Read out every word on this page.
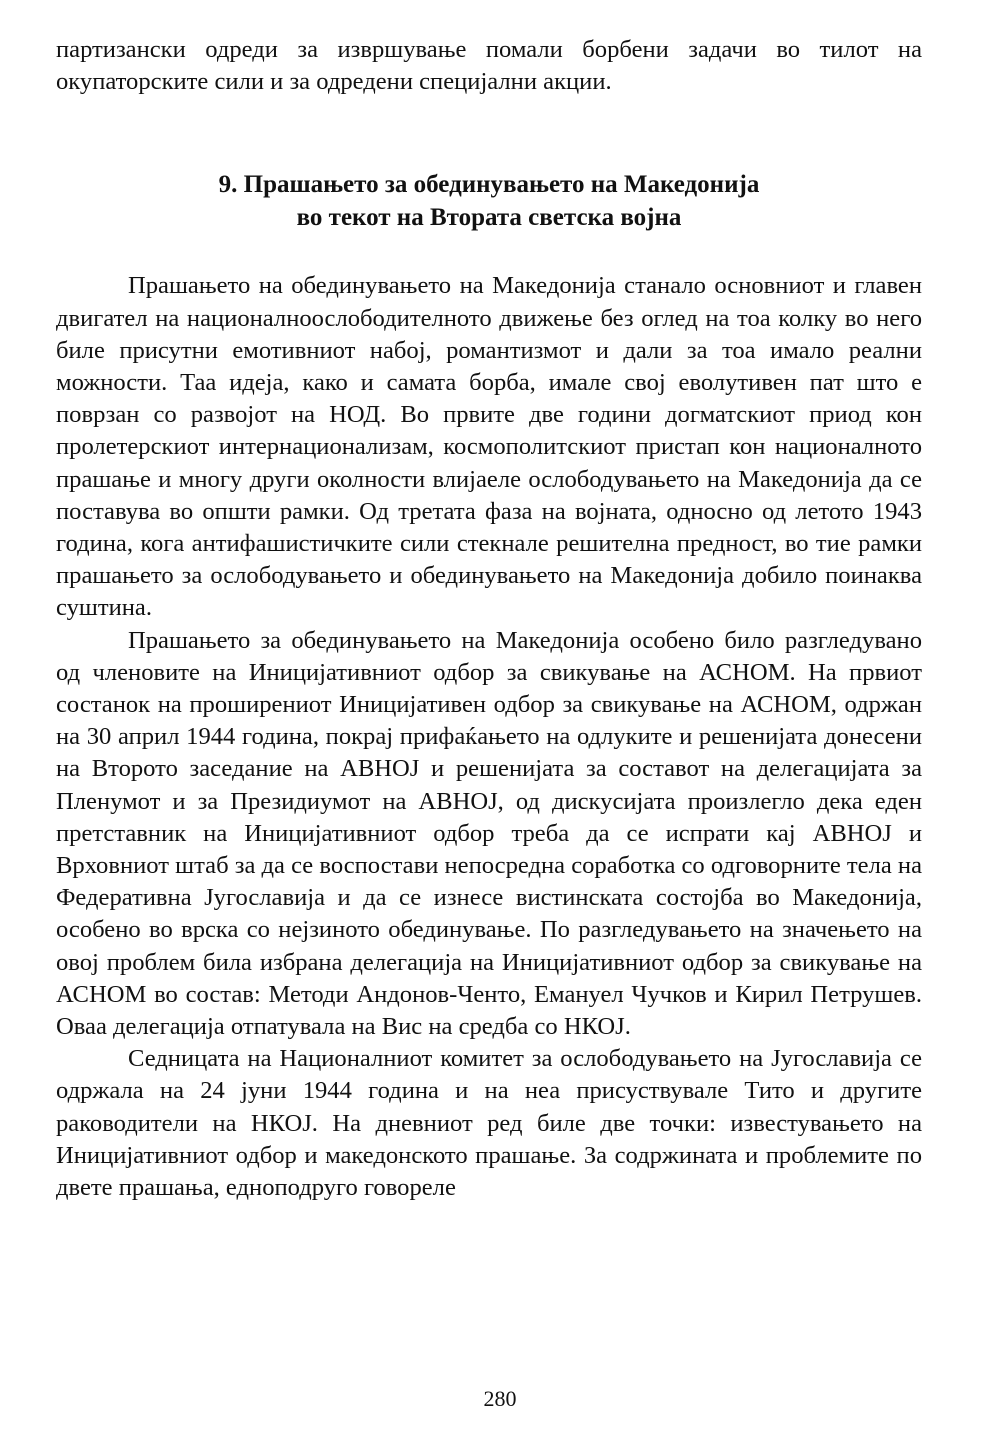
партизански одреди за извршување помали борбени задачи во тилот на окупаторските сили и за одредени специјални акции.

9. Прашањето за обединувањето на Македонија
во текот на Втората светска војна

Прашањето на обединувањето на Македонија станало основниот и главен двигател на националноослободителното движење без оглед на тоа колку во него биле присутни емотивниот набој, романтизмот и дали за тоа имало реални можности. Таа идеја, како и самата борба, имале свој еволутивен пат што е поврзан со развојот на НОД. Во првите две години догматскиот приод кон пролетерскиот интернационализам, космополитскиот пристап кон националното прашање и многу други околности влијаеле ослободувањето на Македонија да се поставува во општи рамки. Од третата фаза на војната, односно од летото 1943 година, кога антифашистичките сили стекнале решителна предност, во тие рамки прашањето за ослободувањето и обединувањето на Македонија добило поинаква суштина.

Прашањето за обединувањето на Македонија особено било разгледувано од членовите на Иницијативниот одбор за свикување на АСНОМ. На првиот состанок на проширениот Иницијативен одбор за свикување на АСНОМ, одржан на 30 април 1944 година, покрај прифаќањето на одлуките и решенијата донесени на Второто заседание на АВНОЈ и решенијата за составот на делегацијата за Пленумот и за Президиумот на АВНОЈ, од дискусијата произлегло дека еден претставник на Иницијативниот одбор треба да се испрати кај АВНОЈ и Врховниот штаб за да се воспостави непосредна соработка со одговорните тела на Федеративна Југославија и да се изнесе вистинската состојба во Македонија, особено во врска со нејзиното обединување. По разгледувањето на значењето на овој проблем била избрана делегација на Иницијативниот одбор за свикување на АСНОМ во состав: Методи Андонов-Ченто, Емануел Чучков и Кирил Петрушев. Оваа делегација отпатувала на Вис на средба со НКОЈ.

Седницата на Националниот комитет за ослободувањето на Југославија се одржала на 24 јуни 1944 година и на неа присуствувале Тито и другите раководители на НКОЈ. На дневниот ред биле две точки: известувањето на Иницијативниот одбор и македонското прашање. За содржината и проблемите по двете прашања, едноподруго говореле

280
